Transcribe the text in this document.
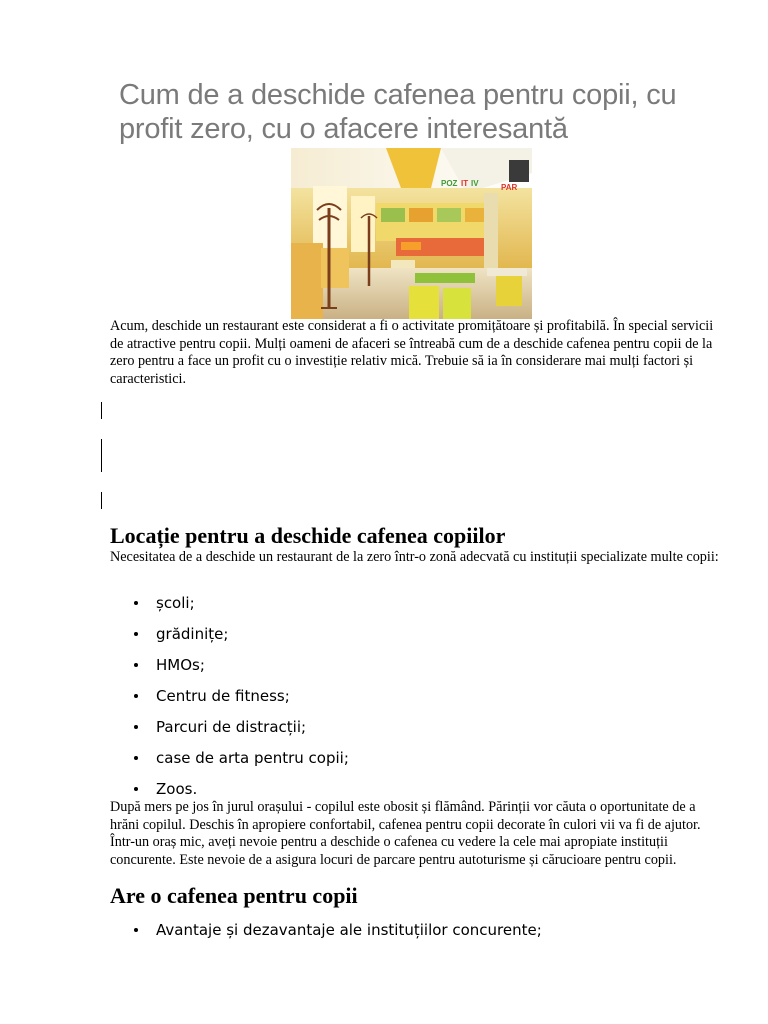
Cum de a deschide cafenea pentru copii, cu profit zero, cu o afacere interesantă
POZ IT IV	PAR

Acum, deschide un restaurant este considerat a fi o activitate promițătoare și profitabilă. În special servicii de atractive pentru copii. Mulți oameni de afaceri se întreabă cum de a deschide cafenea pentru copii de la zero pentru a face un profit cu o investiție relativ mică. Trebuie să ia în considerare mai mulți factori și caracteristici.

Locație pentru a deschide cafenea copiilor

Necesitatea de a deschide un restaurant de la zero într-o zonă adecvată cu instituții specializate multe copii:

școli;
grădinițe;
HMOs;
Centru de fitness;
Parcuri de distracții;
case de arta pentru copii;
Zoos.

După mers pe jos în jurul orașului - copilul este obosit și flămând. Părinții vor căuta o oportunitate de a hrăni copilul. Deschis în apropiere confortabil, cafenea pentru copii decorate în culori vii va fi de ajutor. Într-un oraș mic, aveți nevoie pentru a deschide o cafenea cu vedere la cele mai apropiate instituții concurente. Este nevoie de a asigura locuri de parcare pentru autoturisme și cărucioare pentru copii.

Are o cafenea pentru copii
Avantaje și dezavantaje ale instituțiilor concurente;
